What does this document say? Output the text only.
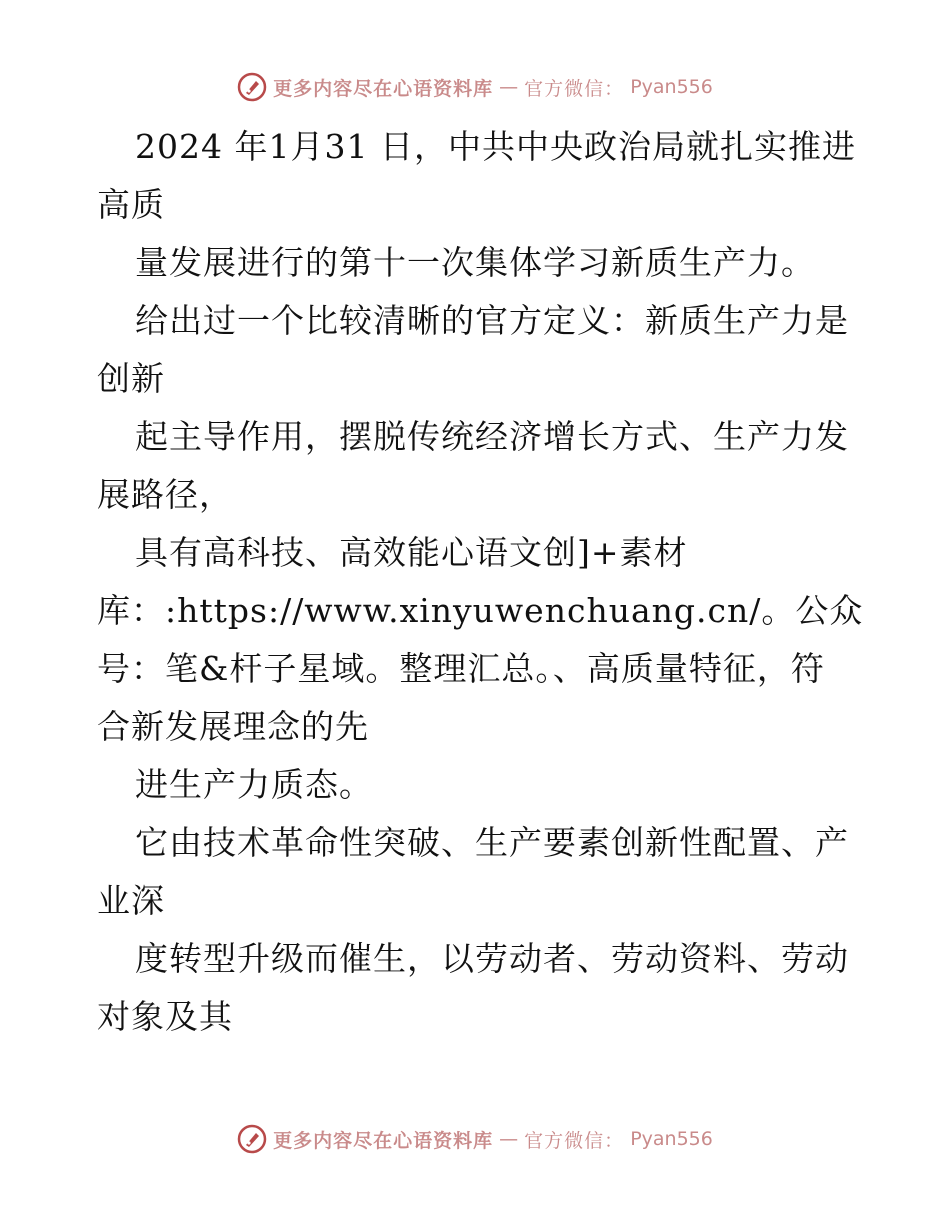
更多内容尽在心语资料库 — 官方微信： Pyan556
2024 年1月31 日，中共中央政治局就扎实推进
高质
量发展进行的第十一次集体学习新质生产力。
给出过一个比较清晰的官方定义：新质生产力是
创新
起主导作用，摆脱传统经济增长方式、生产力发
展路径，
具有高科技、高效能心语文创]+素材
库：:https://www.xinyuwenchuang.cn/。公众
号：笔&杆子星域。整理汇总。、高质量特征，符
合新发展理念的先
进生产力质态。
它由技术革命性突破、生产要素创新性配置、产
业深
度转型升级而催生，以劳动者、劳动资料、劳动
对象及其
更多内容尽在心语资料库 — 官方微信： Pyan556
